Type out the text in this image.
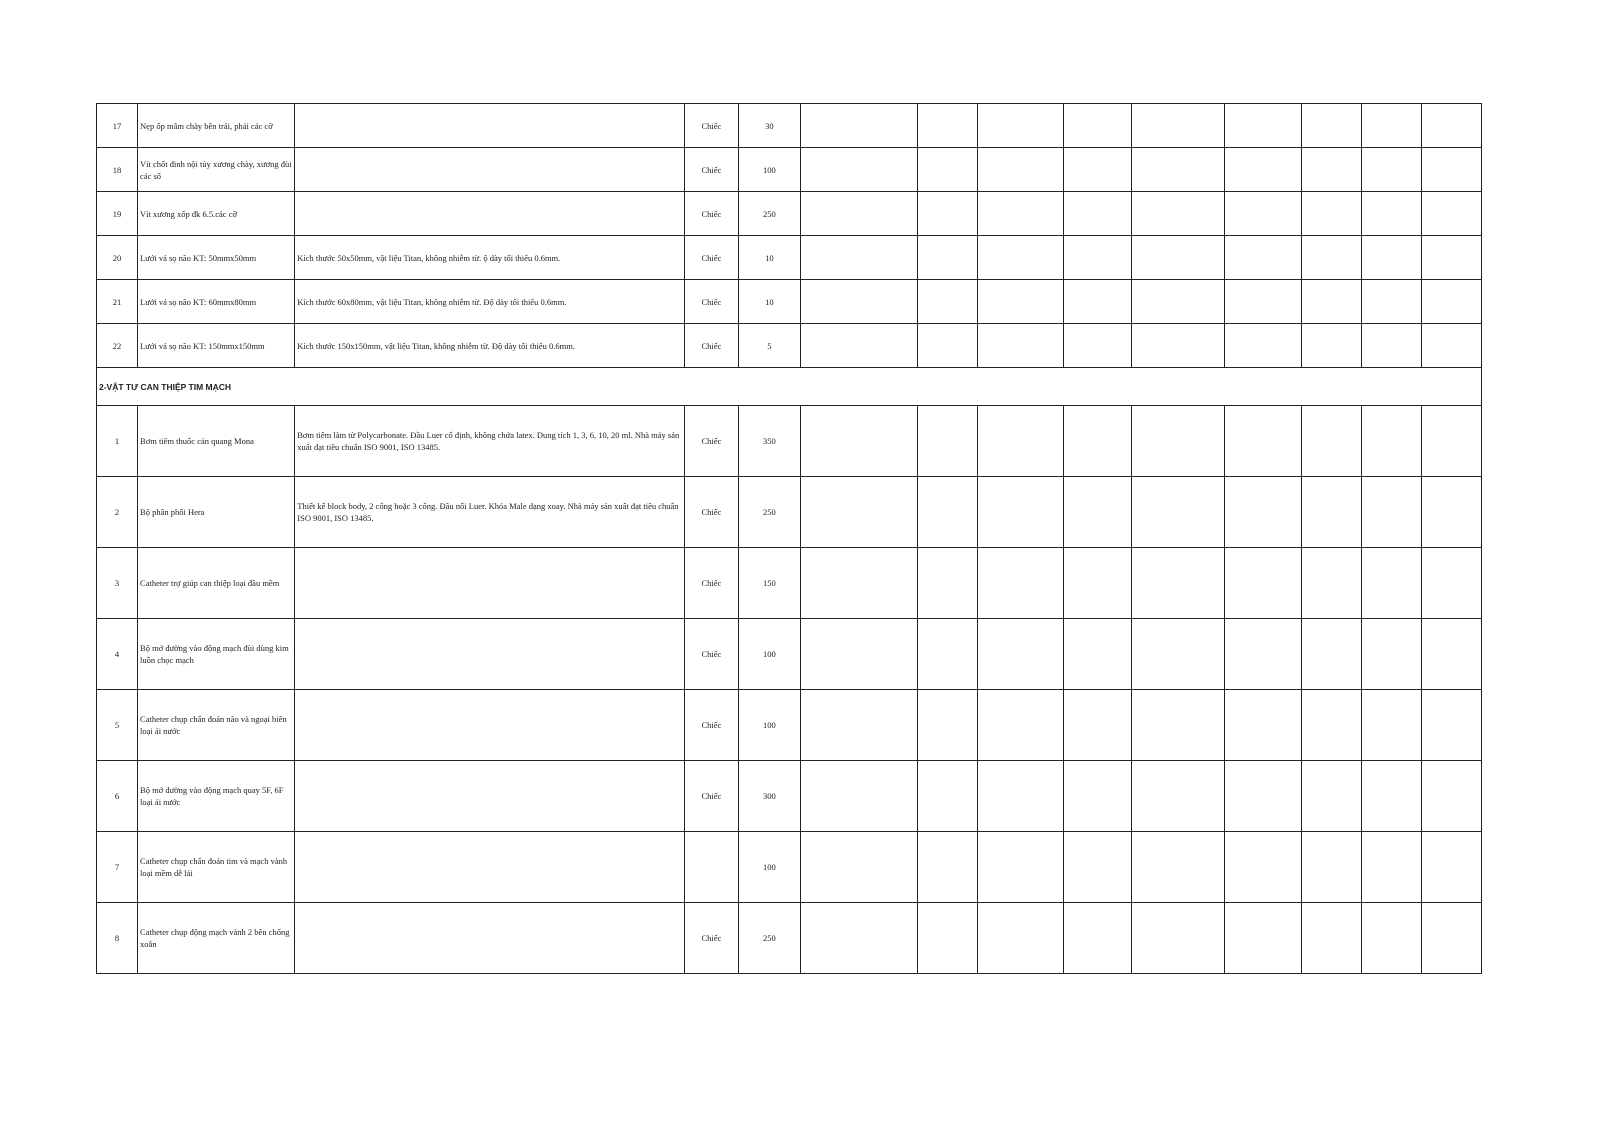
17	Nẹp ốp mâm chày bên trái, phải các cỡ		Chiếc	30									
18	Vít chốt đinh nội tủy xương chày, xương đùi các số		Chiếc	100									
19	Vít xương xốp đk 6.5.các cỡ		Chiếc	250									
20	Lưới vá sọ não KT: 50mmx50mm	Kích thước 50x50mm, vật liệu Titan, không nhiễm từ. ộ dày tối thiểu 0.6mm.	Chiếc	10									
21	Lưới vá sọ não KT: 60mmx80mm	Kích thước 60x80mm, vật liệu Titan, không nhiễm từ. Độ dày tối thiểu 0.6mm.	Chiếc	10									
22	Lưới vá sọ não KT: 150mmx150mm	Kích thước 150x150mm, vật liệu Titan, không nhiễm từ. Độ dày tối thiểu 0.6mm.	Chiếc	5									
2-VẬT TƯ CAN THIỆP TIM MẠCH													
1	Bơm tiêm thuốc cản quang Mona	Bơm tiêm làm từ Polycarbonate. Đầu Luer cố định, không chứa latex. Dung tích 1, 3, 6, 10, 20 ml. Nhà máy sản xuất đạt tiêu chuẩn ISO 9001, ISO 13485.	Chiếc	350									
2	Bộ phân phối Hera	Thiết kế block body, 2 cổng hoặc 3 cổng. Đầu nối Luer. Khóa Male dạng xoay. Nhà máy sản xuất đạt tiêu chuẩn ISO 9001, ISO 13485.	Chiếc	250									
3	Catheter trợ giúp can thiệp loại đầu mềm		Chiếc	150									
4	Bộ mở đường vào động mạch đùi dùng kim luồn chọc mạch		Chiếc	100									
5	Catheter chụp chẩn đoán não và ngoại biên loại ái nước		Chiếc	100									
6	Bộ mở đường vào động mạch quay 5F, 6F loại ái nước		Chiếc	300									
7	Catheter chụp chẩn đoán tim và mạch vành loại mềm dễ lái			100									
8	Catheter chụp động mạch vành 2 bên chống xoắn		Chiếc	250									
